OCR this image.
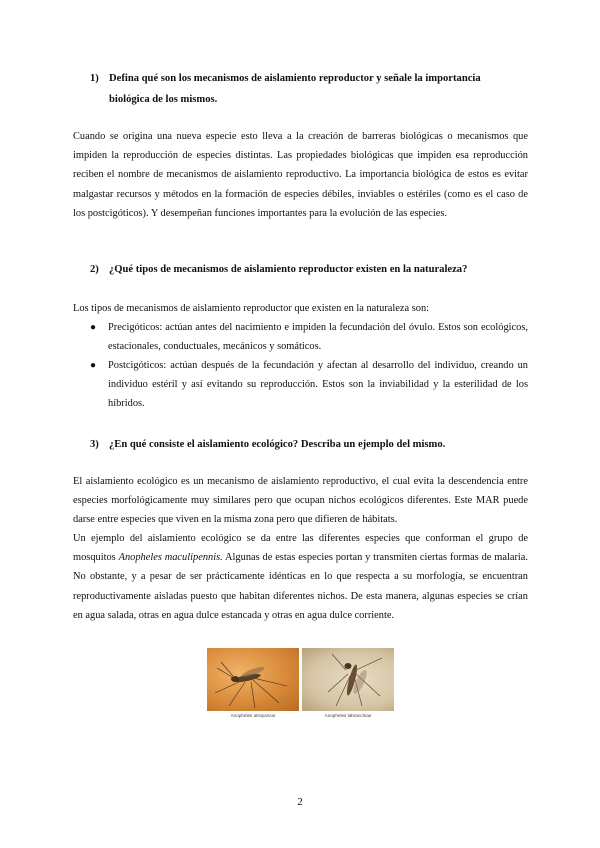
1) Defina qué son los mecanismos de aislamiento reproductor y señale la importancia
biológica de los mismos.
Cuando se origina una nueva especie esto lleva a la creación de barreras biológicas o mecanismos que impiden la reproducción de especies distintas. Las propiedades biológicas que impiden esa reproducción reciben el nombre de mecanismos de aislamiento reproductivo. La importancia biológica de estos es evitar malgastar recursos y métodos en la formación de especies débiles, inviables o estériles (como es el caso de los postcigóticos). Y desempeñan funciones importantes para la evolución de las especies.
2) ¿Qué tipos de mecanismos de aislamiento reproductor existen en la naturaleza?
Los tipos de mecanismos de aislamiento reproductor que existen en la naturaleza son:
● Precigóticos: actúan antes del nacimiento e impiden la fecundación del óvulo. Estos son ecológicos, estacionales, conductuales, mecánicos y somáticos.
● Postcigóticos: actúan después de la fecundación y afectan al desarrollo del individuo, creando un individuo estéril y así evitando su reproducción. Estos son la inviabilidad y la esterilidad de los híbridos.
3) ¿En qué consiste el aislamiento ecológico? Describa un ejemplo del mismo.
El aislamiento ecológico es un mecanismo de aislamiento reproductivo, el cual evita la descendencia entre especies morfológicamente muy similares pero que ocupan nichos ecológicos diferentes. Este MAR puede darse entre especies que viven en la misma zona pero que difieren de hábitats.
Un ejemplo del aislamiento ecológico se da entre las diferentes especies que conforman el grupo de mosquitos Anopheles maculipennis. Algunas de estas especies portan y transmiten ciertas formas de malaria. No obstante, y a pesar de ser prácticamente idénticas en lo que respecta a su morfología, se encuentran reproductivamente aisladas puesto que habitan diferentes nichos. De esta manera, algunas especies se crían en agua salada, otras en agua dulce estancada y otras en agua dulce corriente.
Anopheles atroparvus	Anopheles labranchiae
2
